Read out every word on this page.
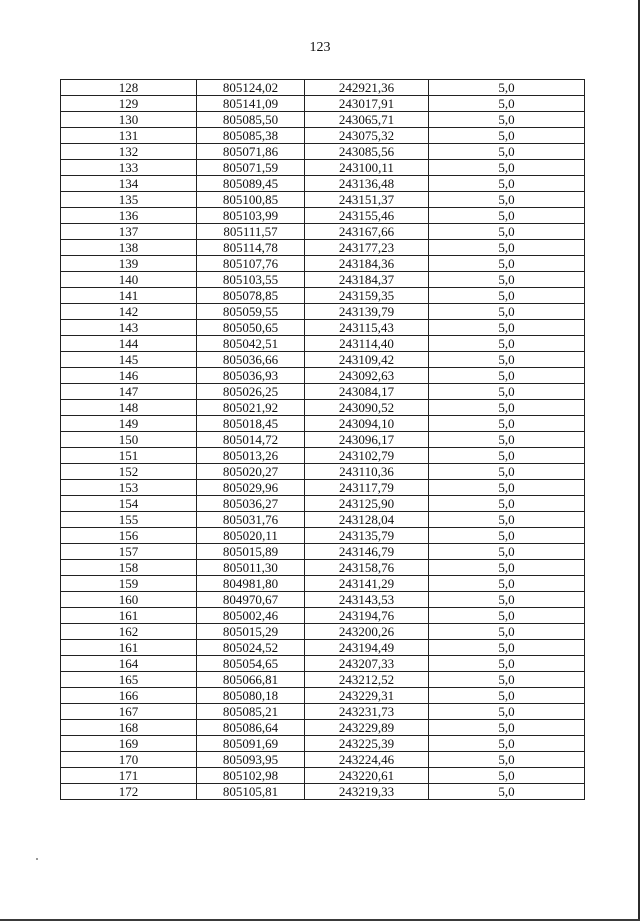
123
128	805124,02	242921,36	5,0
129	805141,09	243017,91	5,0
130	805085,50	243065,71	5,0
131	805085,38	243075,32	5,0
132	805071,86	243085,56	5,0
133	805071,59	243100,11	5,0
134	805089,45	243136,48	5,0
135	805100,85	243151,37	5,0
136	805103,99	243155,46	5,0
137	805111,57	243167,66	5,0
138	805114,78	243177,23	5,0
139	805107,76	243184,36	5,0
140	805103,55	243184,37	5,0
141	805078,85	243159,35	5,0
142	805059,55	243139,79	5,0
143	805050,65	243115,43	5,0
144	805042,51	243114,40	5,0
145	805036,66	243109,42	5,0
146	805036,93	243092,63	5,0
147	805026,25	243084,17	5,0
148	805021,92	243090,52	5,0
149	805018,45	243094,10	5,0
150	805014,72	243096,17	5,0
151	805013,26	243102,79	5,0
152	805020,27	243110,36	5,0
153	805029,96	243117,79	5,0
154	805036,27	243125,90	5,0
155	805031,76	243128,04	5,0
156	805020,11	243135,79	5,0
157	805015,89	243146,79	5,0
158	805011,30	243158,76	5,0
159	804981,80	243141,29	5,0
160	804970,67	243143,53	5,0
161	805002,46	243194,76	5,0
162	805015,29	243200,26	5,0
161	805024,52	243194,49	5,0
164	805054,65	243207,33	5,0
165	805066,81	243212,52	5,0
166	805080,18	243229,31	5,0
167	805085,21	243231,73	5,0
168	805086,64	243229,89	5,0
169	805091,69	243225,39	5,0
170	805093,95	243224,46	5,0
171	805102,98	243220,61	5,0
172	805105,81	243219,33	5,0
